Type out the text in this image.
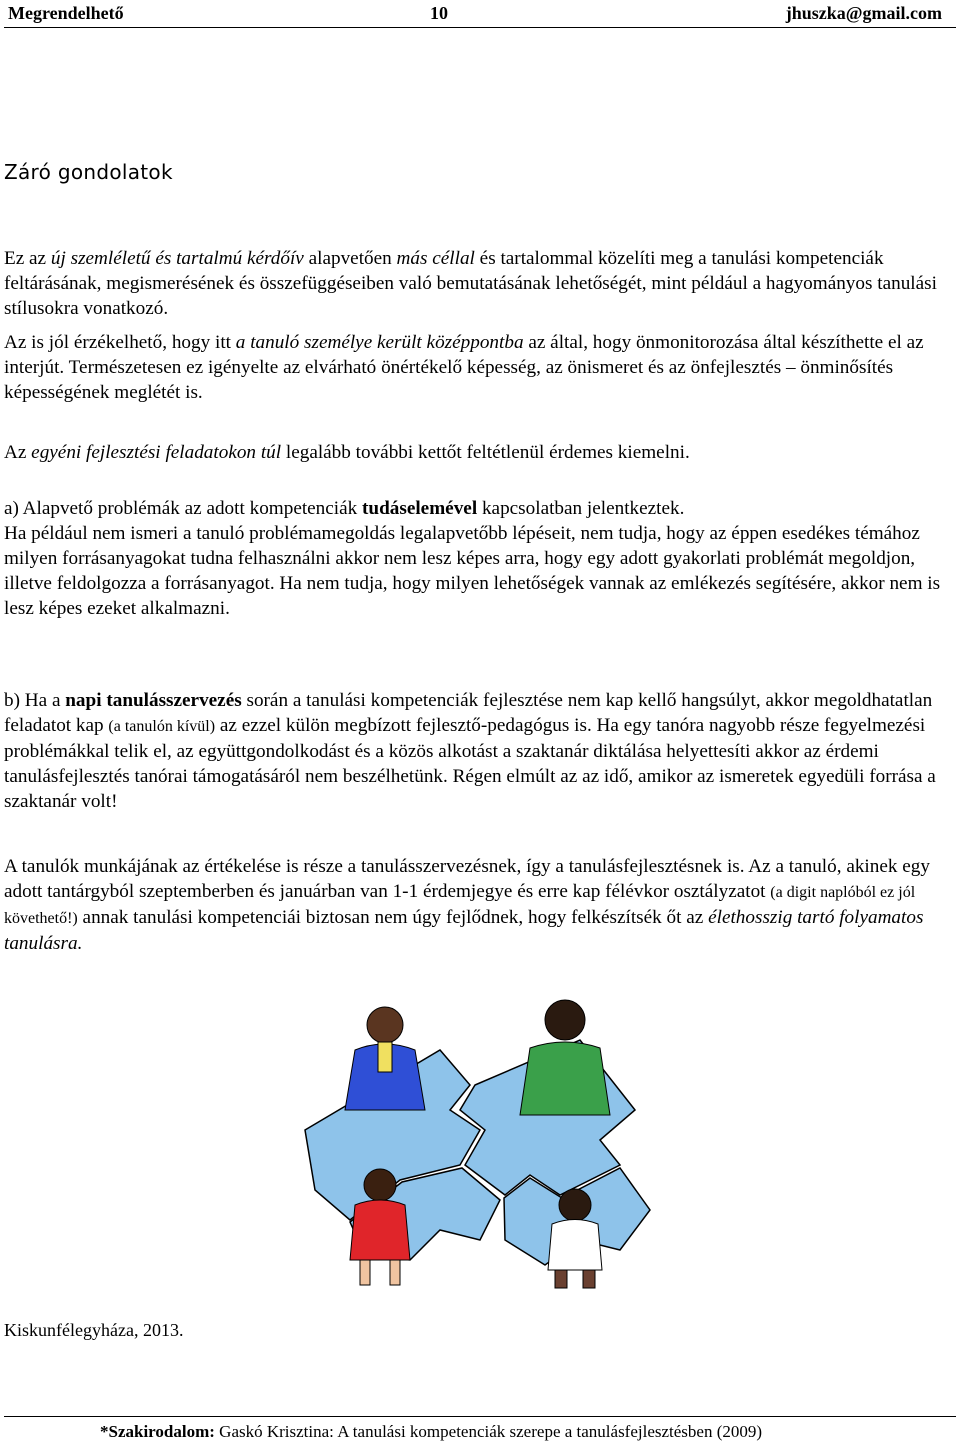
Megrendelhető	10	jhuszka@gmail.com
Záró gondolatok

Ez az új szemléletű és tartalmú kérdőív alapvetően más céllal és tartalommal közelíti meg a tanulási kompetenciák feltárásának, megismerésének és összefüggéseiben való bemutatásának lehetőségét, mint például a hagyományos tanulási stílusokra vonatkozó.

Az is jól érzékelhető, hogy itt a tanuló személye került középpontba az által, hogy önmonitorozása által készíthette el az interjút. Természetesen ez igényelte az elvárható önértékelő képesség, az önismeret és az önfejlesztés – önminősítés képességének meglétét is.

Az egyéni fejlesztési feladatokon túl legalább további kettőt feltétlenül érdemes kiemelni.

a) Alapvető problémák az adott kompetenciák tudáselemével kapcsolatban jelentkeztek.
Ha például nem ismeri a tanuló problémamegoldás legalapvetőbb lépéseit, nem tudja, hogy az éppen esedékes témához milyen forrásanyagokat tudna felhasználni akkor nem lesz képes arra, hogy egy adott gyakorlati problémát megoldjon, illetve feldolgozza a forrásanyagot. Ha nem tudja, hogy milyen lehetőségek vannak az emlékezés segítésére, akkor nem is lesz képes ezeket alkalmazni.

b) Ha a napi tanulásszervezés során a tanulási kompetenciák fejlesztése nem kap kellő hangsúlyt, akkor megoldhatatlan feladatot kap (a tanulón kívül) az ezzel külön megbízott fejlesztő-pedagógus is. Ha egy tanóra nagyobb része fegyelmezési problémákkal telik el, az együttgondolkodást és a közös alkotást a szaktanár diktálása helyettesíti akkor az érdemi tanulásfejlesztés tanórai támogatásáról nem beszélhetünk. Régen elmúlt az az idő, amikor az ismeretek egyedüli forrása a szaktanár volt!

A tanulók munkájának az értékelése is része a tanulásszervezésnek, így a tanulásfejlesztésnek is. Az a tanuló, akinek egy adott tantárgyból szeptemberben és januárban van 1-1 érdemjegye és erre kap félévkor osztályzatot (a digit naplóból ez jól követhető!) annak tanulási kompetenciái biztosan nem úgy fejlődnek, hogy felkészítsék őt az élethosszig tartó folyamatos tanulásra.

Kiskunfélegyháza, 2013.
*Szakirodalom: Gaskó Krisztina: A tanulási kompetenciák szerepe a tanulásfejlesztésben (2009)
